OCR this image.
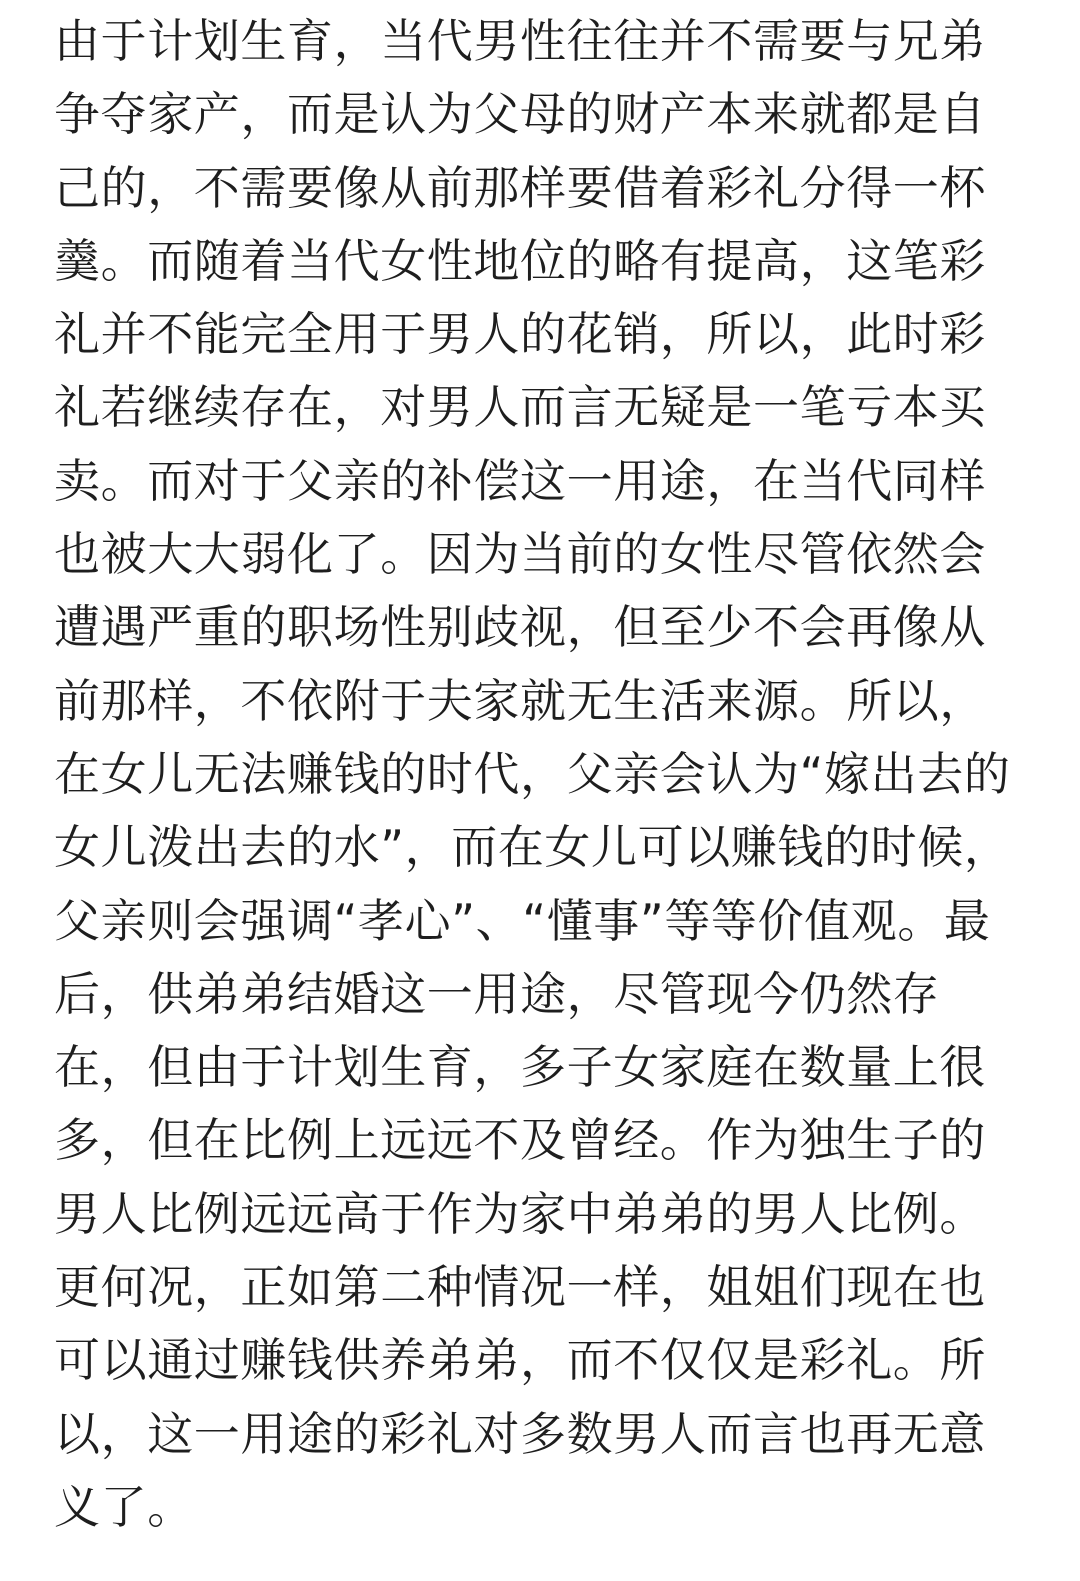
由于计划生育，当代男性往往并不需要与兄弟
争夺家产，而是认为父母的财产本来就都是自
己的，不需要像从前那样要借着彩礼分得一杯
羹。而随着当代女性地位的略有提高，这笔彩
礼并不能完全用于男人的花销，所以，此时彩
礼若继续存在，对男人而言无疑是一笔亏本买
卖。而对于父亲的补偿这一用途，在当代同样
也被大大弱化了。因为当前的女性尽管依然会
遭遇严重的职场性别歧视，但至少不会再像从
前那样，不依附于夫家就无生活来源。所以，
在女儿无法赚钱的时代，父亲会认为“嫁出去的
女儿泼出去的水”，而在女儿可以赚钱的时候，
父亲则会强调“孝心”、“懂事”等等价值观。最
后，供弟弟结婚这一用途，尽管现今仍然存
在，但由于计划生育，多子女家庭在数量上很
多，但在比例上远远不及曾经。作为独生子的
男人比例远远高于作为家中弟弟的男人比例。
更何况，正如第二种情况一样，姐姐们现在也
可以通过赚钱供养弟弟，而不仅仅是彩礼。所
以，这一用途的彩礼对多数男人而言也再无意
义了。
